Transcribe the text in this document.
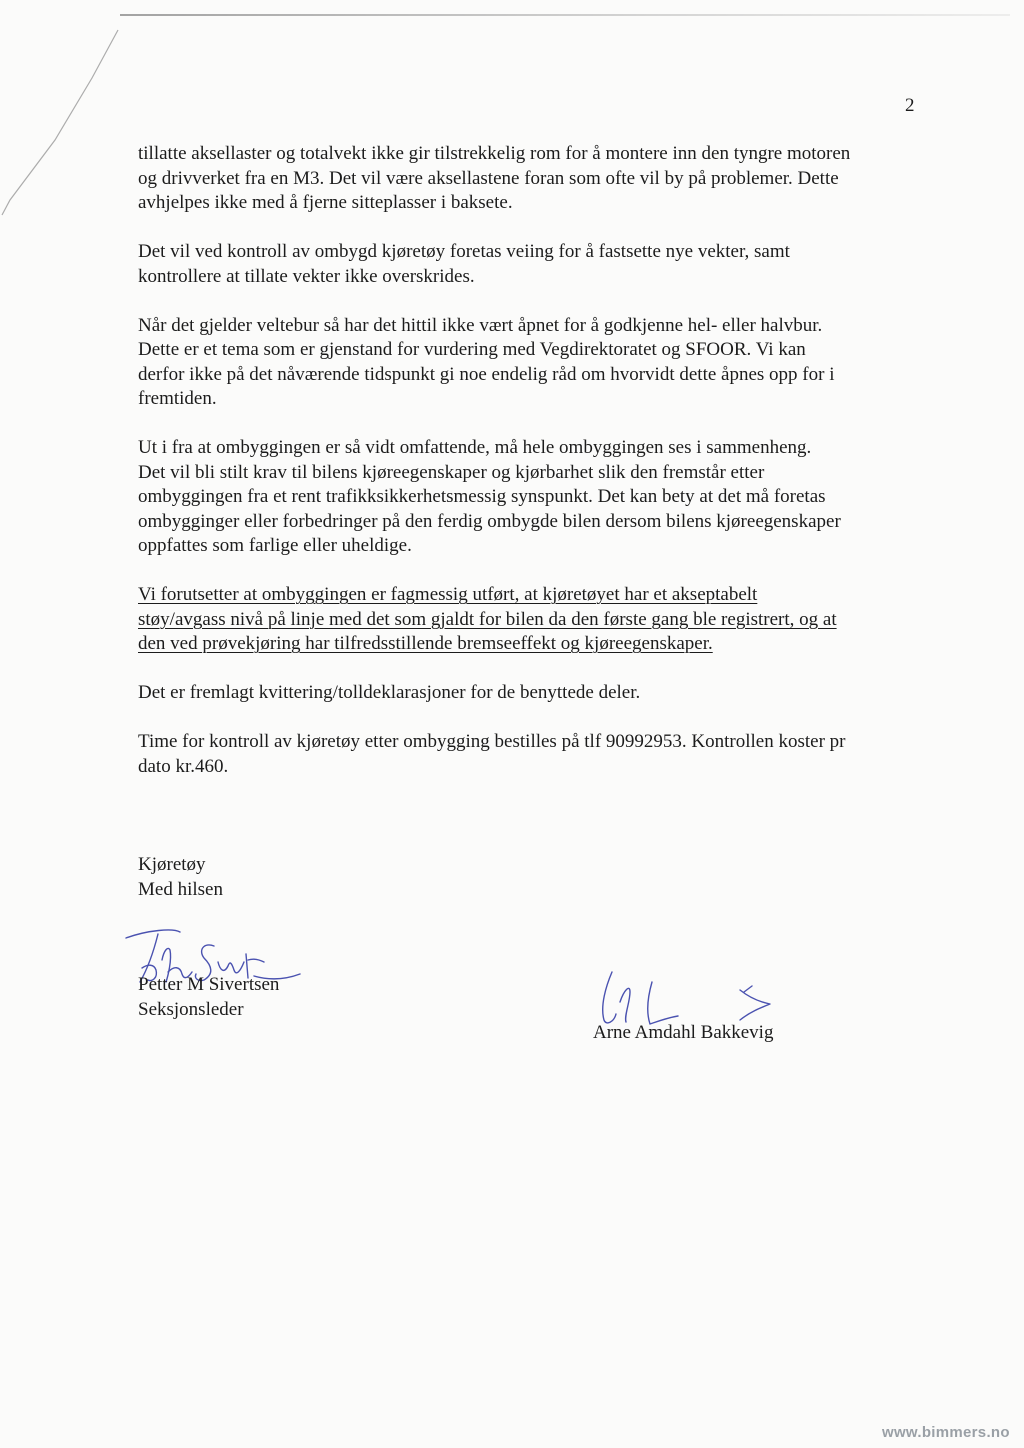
2

tillatte aksellaster og totalvekt ikke gir tilstrekkelig rom for å montere inn den tyngre motoren
og drivverket fra en M3. Det vil være aksellastene foran som ofte vil by på problemer. Dette
avhjelpes ikke med å fjerne sitteplasser i baksete.

Det vil ved kontroll av ombygd kjøretøy foretas veiing for å fastsette nye vekter, samt
kontrollere at tillate vekter ikke overskrides.

Når det gjelder veltebur så har det hittil ikke vært åpnet for å godkjenne hel- eller halvbur.
Dette er et tema som er gjenstand for vurdering med Vegdirektoratet og SFOOR. Vi kan
derfor ikke på det nåværende tidspunkt gi noe endelig råd om hvorvidt dette åpnes opp for i
fremtiden.

Ut i fra at ombyggingen er så vidt omfattende, må hele ombyggingen ses i sammenheng.
Det vil bli stilt krav til bilens kjøreegenskaper og kjørbarhet slik den fremstår etter
ombyggingen fra et rent trafikksikkerhetsmessig synspunkt. Det kan bety at det må foretas
ombygginger eller forbedringer på den ferdig ombygde bilen dersom bilens kjøreegenskaper
oppfattes som farlige eller uheldige.

Vi forutsetter at ombyggingen er fagmessig utført, at kjøretøyet har et akseptabelt
støy/avgass nivå på linje med det som gjaldt for bilen da den første gang ble registrert, og at
den ved prøvekjøring har tilfredsstillende bremseeffekt og kjøreegenskaper.

Det er fremlagt kvittering/tolldeklarasjoner for de benyttede deler.

Time for kontroll av kjøretøy etter ombygging bestilles på tlf 90992953. Kontrollen koster pr
dato kr.460.

Kjøretøy
Med hilsen
Petter M Sivertsen
Seksjonsleder
Arne Amdahl Bakkevig
www.bimmers.no
